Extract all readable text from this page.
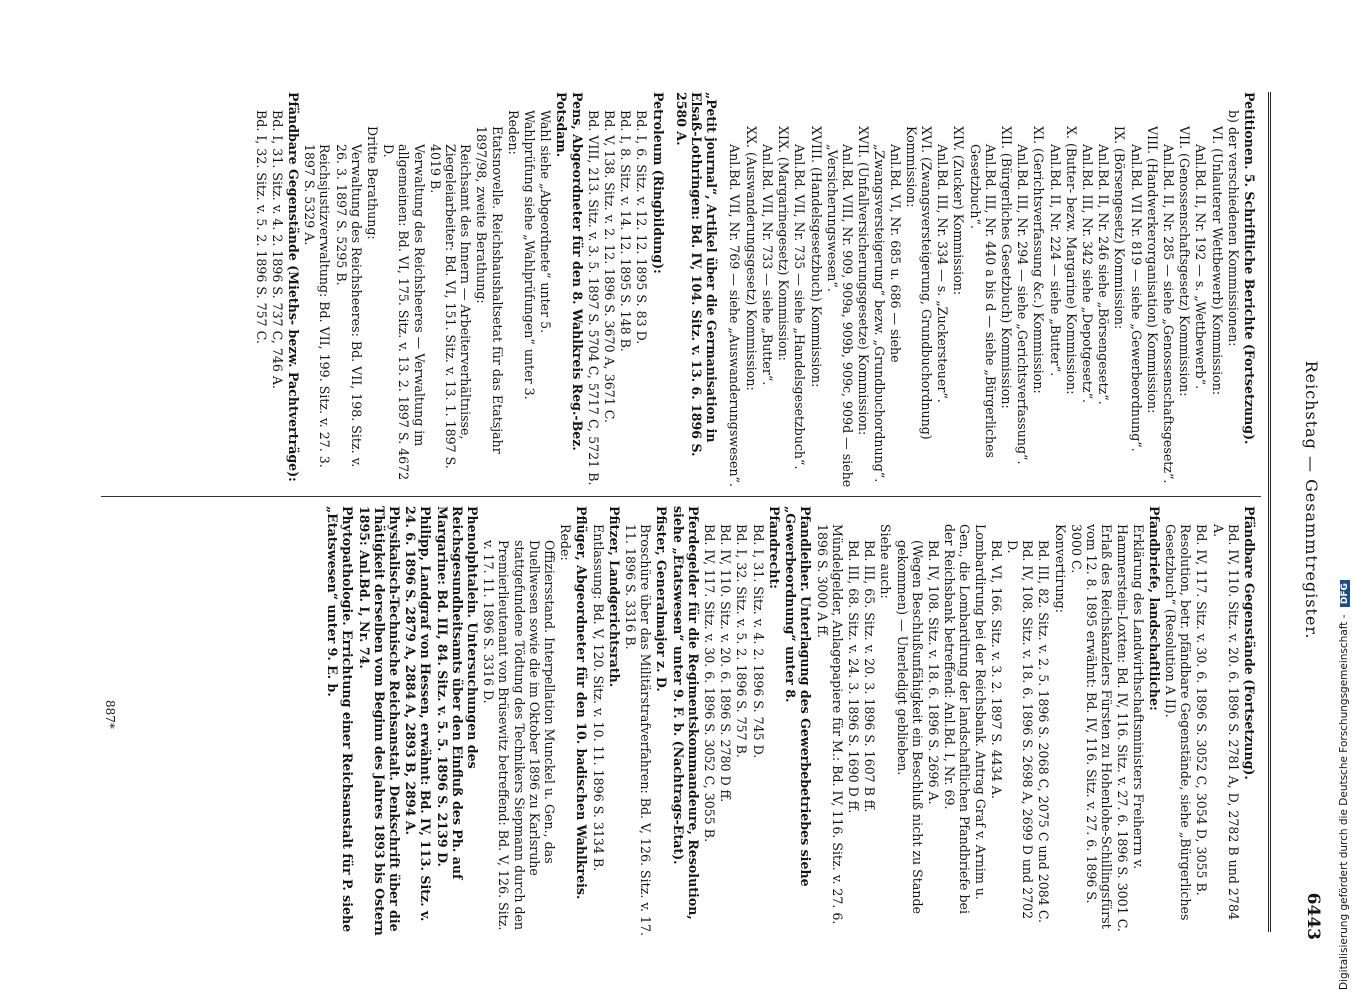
Reichstag — Gesammtregister.
6443

Petitionen. 5. Schriftliche Berichte (Fortsetzung).

b) der verschiedenen Kommissionen:

VI. (Unlauterer Wettbewerb) Kommission:

Anl.Bd. II, Nr. 192 — s. „Wettbewerb“.

VII. (Genossenschaftsgesetz) Kommission:

Anl.Bd. II, Nr. 285 — siehe „Genossenschaftsgesetz“.

VIII. (Handwerkerorganisation) Kommission:

Anl.Bd. VII Nr. 819 — siehe „Gewerbeordnung“.

IX. (Börsengesetz) Kommission:

Anl.Bd. II, Nr. 246 siehe „Börsengesetz“.

Anl.Bd. III, Nr. 342 siehe „Depotgesetz“.

X. (Butter- bezw. Margarine) Kommission:

Anl.Bd. II, Nr. 224 — siehe „Butter“.

XI. (Gerichtsverfassung &c.) Kommission:

Anl.Bd. III, Nr. 294 — siehe „Gerichtsverfassung“.

XII. (Bürgerliches Gesetzbuch) Kommission:

Anl.Bd. III, Nr. 440 a bis d — siehe „Bürgerliches Gesetzbuch“.

XIV. (Zucker) Kommission:

Anl.Bd. III, Nr. 334 — s. „Zuckersteuer“.

XVI. (Zwangsversteigerung, Grundbuchordnung) Kommission:

Anl.Bd. VI, Nr. 685 u. 686 — siehe „Zwangsversteigerung“ bezw. „Grundbuchordnung“.

XVII. (Unfallversicherungsgesetze) Kommission:

Anl.Bd. VIII, Nr. 909, 909a, 909b, 909c, 909d — siehe „Versicherungswesen“.

XVIII. (Handelsgesetzbuch) Kommission:

Anl.Bd. VII, Nr. 735 — siehe „Handelsgesetzbuch“.

XIX. (Margarinegesetz) Kommission:

Anl.Bd. VII, Nr. 733 — siehe „Butter“.

XX. (Auswanderungsgesetz) Kommission:

Anl.Bd. VII, Nr. 769 — siehe „Auswanderungswesen“.

„Petit journal“, Artikel über die Germanisation in Elsaß-Lothringen: Bd. IV, 104. Sitz. v. 13. 6. 1896 S. 2580 A.

Petroleum (Ringbildung):

Bd. I, 6. Sitz. v. 12. 12. 1895 S. 83 D.

Bd. I, 8. Sitz. v. 14. 12. 1895 S. 148 B.

Bd. V, 138. Sitz. v. 2. 12. 1896 S. 3670 A, 3671 C.

Bd. VIII, 213. Sitz. v. 3. 5. 1897 S. 5704 C, 5717 C, 5721 B.

Pens, Abgeordneter für den 8. Wahlkreis Reg.-Bez. Potsdam.

Wahl siehe „Abgeordnete“ unter 5.

Wahlprüfung siehe „Wahlprüfungen“ unter 3.

Reden:

Etatsnovelle. Reichshaushaltsetat für das Etatsjahr 1897/98, zweite Berathung:

Reichsamt des Innern — Arbeiterverhältnisse, Ziegeleiarbeiter: Bd. VI, 151. Sitz. v. 13. 1. 1897 S. 4019 B.

Verwaltung des Reichsheeres — Verwaltung im allgemeinen: Bd. VI, 175. Sitz. v. 13. 2. 1897 S. 4672 D.

Dritte Berathung:

Verwaltung des Reichsheeres: Bd. VII, 198. Sitz. v. 26. 3. 1897 S. 5295 B.

Reichsjustizverwaltung: Bd. VII, 199. Sitz. v. 27. 3. 1897 S. 5329 A.

Pfändbare Gegenstände (Mieths- bezw. Pachtverträge):

Bd. I, 31. Sitz. v. 4. 2. 1896 S. 737 C, 746 A.

Bd. I, 32. Sitz. v. 5. 2. 1896 S. 757 C.

Pfändbare Gegenstände (Fortsetzung).

Bd. IV, 110. Sitz. v. 20. 6. 1896 S. 2781 A, D, 2782 B und 2784 A.

Bd. IV, 117. Sitz. v. 30. 6. 1896 S. 3052 C, 3054 D, 3055 B.

Resolution, betr. pfändbare Gegenstände, siehe „Bürgerliches Gesetzbuch“ (Resolution A II).

Pfandbriefe, landschaftliche:

Erklärung des Landwirthschaftsministers Freiherrn v. Hammerstein-Loxten: Bd. IV, 116. Sitz. v. 27. 6. 1896 S. 3001 C.

Erlaß des Reichskanzlers Fürsten zu Hohenlohe-Schillingsfürst vom 12. 8. 1895 erwähnt: Bd. IV, 116. Sitz. v. 27. 6. 1896 S. 3000 C.

Konvertirung:

Bd. III, 82. Sitz. v. 2. 5. 1896 S. 2068 C, 2075 C und 2084 C.

Bd. IV, 108. Sitz. v. 18. 6. 1896 S. 2698 A, 2699 D und 2702 D.

Bd. VI, 166. Sitz. v. 3. 2. 1897 S. 4434 A.

Lombardirung bei der Reichsbank. Antrag Graf v. Arnim u. Gen., die Lombardirung der landschaftlichen Pfandbriefe bei der Reichsbank betreffend: Anl.Bd. I, Nr. 69.

Bd. IV, 108. Sitz. v. 18. 6. 1896 S. 2696 A.

(Wegen Beschlußunfähigkeit ein Beschluß nicht zu Stande gekommen) — Unerledigt geblieben.

Siehe auch:

Bd. III, 65. Sitz. v. 20. 3. 1896 S. 1607 B ff.

Bd. III, 68. Sitz. v. 24. 3. 1896 S. 1690 D ff.

Mündelgelder, Anlagepapiere für M.: Bd. IV, 116. Sitz. v. 27. 6. 1896 S. 3000 A ff.

Pfandleiher. Unterlagung des Gewerbebetriebes siehe „Gewerbeordnung“ unter 8.

Pfandrecht:

Bd. I, 31. Sitz. v. 4. 2. 1896 S. 745 D.

Bd. I, 32. Sitz. v. 5. 2. 1896 S. 757 B.

Bd. IV, 110. Sitz. v. 20. 6. 1896 S. 2780 D ff.

Bd. IV, 117. Sitz. v. 30. 6. 1896 S. 3052 C, 3055 B.

Pferdegelder für die Regimentskommandeure, Resolution, siehe „Etatswesen“ unter 9. F. b. (Nachtrags-Etat).

Pfister, Generalmajor z. D.

Broschüre über das Militärstrafverfahren: Bd. V, 126. Sitz. v. 17. 11. 1896 S. 3316 B.

Pfitzer, Landgerichtsrath.

Entlassung: Bd. V, 120. Sitz. v. 10. 11. 1896 S. 3134 B.

Pflüger, Abgeordneter für den 10. badischen Wahlkreis.

Rede:

Offiziersstand. Interpellation Munckel u. Gen., das Duellwesen sowie die im Oktober 1896 zu Karlsruhe stattgefundene Tödtung des Technikers Siepmann durch den Premierlieutenant von Brüsewitz betreffend: Bd. V, 126. Sitz. v. 17. 11. 1896 S. 3316 D.

Phenolphtalein. Untersuchungen des Reichsgesundheitsamts über den Einfluß des Ph. auf Margarine: Bd. III, 84. Sitz. v. 5. 5. 1896 S. 2139 D.

Philipp, Landgraf von Hessen, erwähnt: Bd. IV, 113. Sitz. v. 24. 6. 1896 S. 2879 A, 2884 A, 2893 B, 2894 A.

Physikalisch-Technische Reichsanstalt. Denkschrift über die Thätigkeit derselben vom Beginn des Jahres 1893 bis Ostern 1895: Anl.Bd. I, Nr. 74.

Phytopathologie. Errichtung einer Reichsanstalt für P. siehe „Etatswesen“ unter 9. E. b.

887*	Digitalisierung gefördert durch die Deutsche Forschungsgemeinschaft - DFG
